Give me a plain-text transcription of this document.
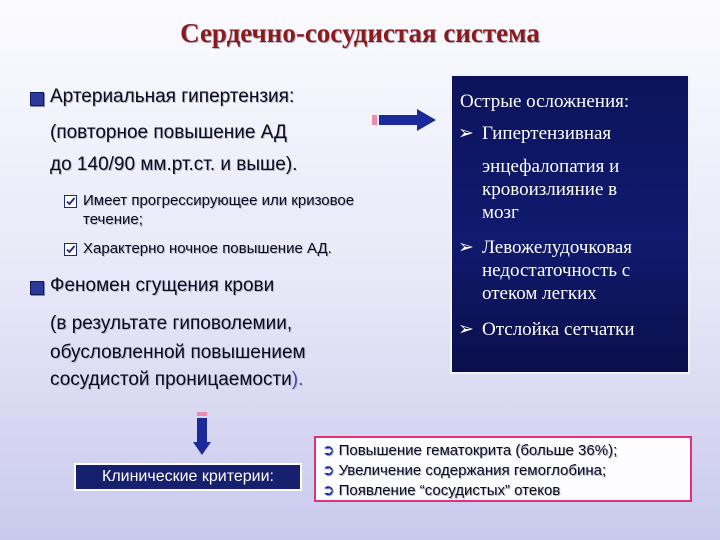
Сердечно-сосудистая система
Артериальная гипертензия:
(повторное повышение АД
до 140/90 мм.рт.ст. и выше).
Имеет прогрессирующее или кризовое
течение;
Характерно ночное повышение АД.
Феномен сгущения крови
(в результате гиповолемии,
обусловленной повышением
сосудистой проницаемости).
Острые осложнения:
➢ Гипертензивная
энцефалопатия и
кровоизлияние в
мозг
➢ Левожелудочковая
недостаточность с
отеком легких
➢ Отслойка сетчатки
Клинические критерии:
➲ Повышение гематокрита (больше 36%);
➲ Увеличение содержания гемоглобина;
➲ Появление “сосудистых” отеков
